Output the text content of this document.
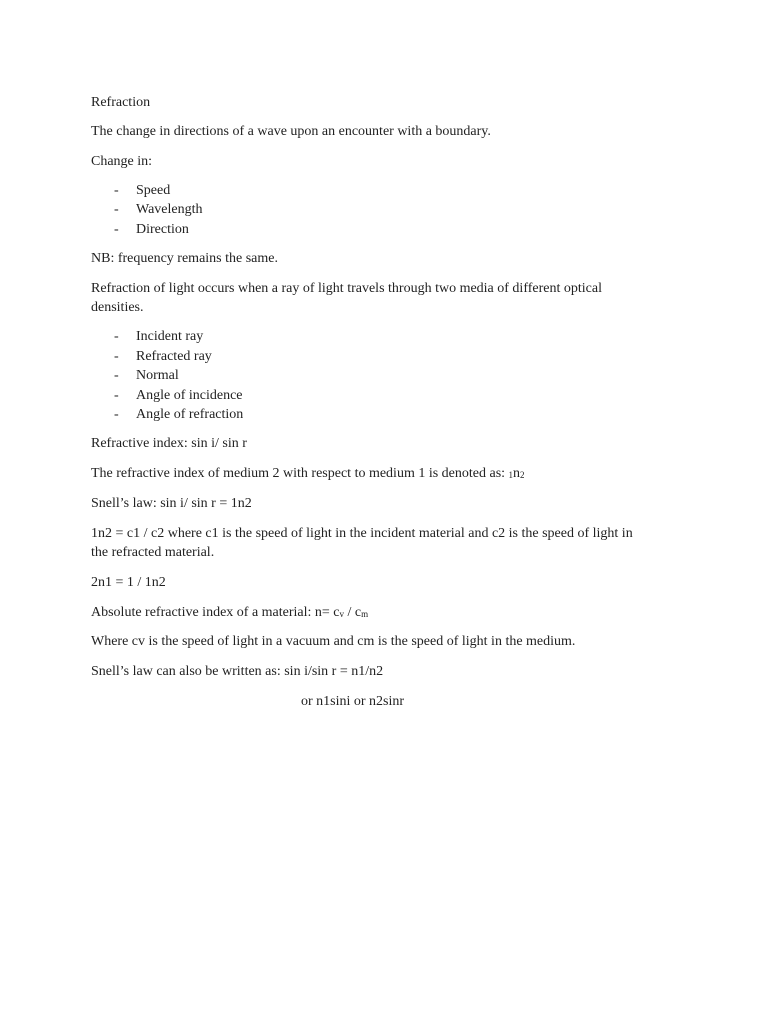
Refraction
The change in directions of a wave upon an encounter with a boundary.
Change in:
- Speed
- Wavelength
- Direction
NB: frequency remains the same.
Refraction of light occurs when a ray of light travels through two media of different optical
densities.
- Incident ray
- Refracted ray
- Normal
- Angle of incidence
- Angle of refraction
Refractive index: sin i/ sin r
The refractive index of medium 2 with respect to medium 1 is denoted as: 1n2
Snell’s law: sin i/ sin r = 1n2
1n2 = c1 / c2 where c1 is the speed of light in the incident material and c2 is the speed of light in
the refracted material.
2n1 = 1 / 1n2
Absolute refractive index of a material: $n= c_v / c_m$
Where cv is the speed of light in a vacuum and cm is the speed of light in the medium.
Snell’s law can also be written as: sin i/sin r = n1/n2
or n1sini or n2sinr
